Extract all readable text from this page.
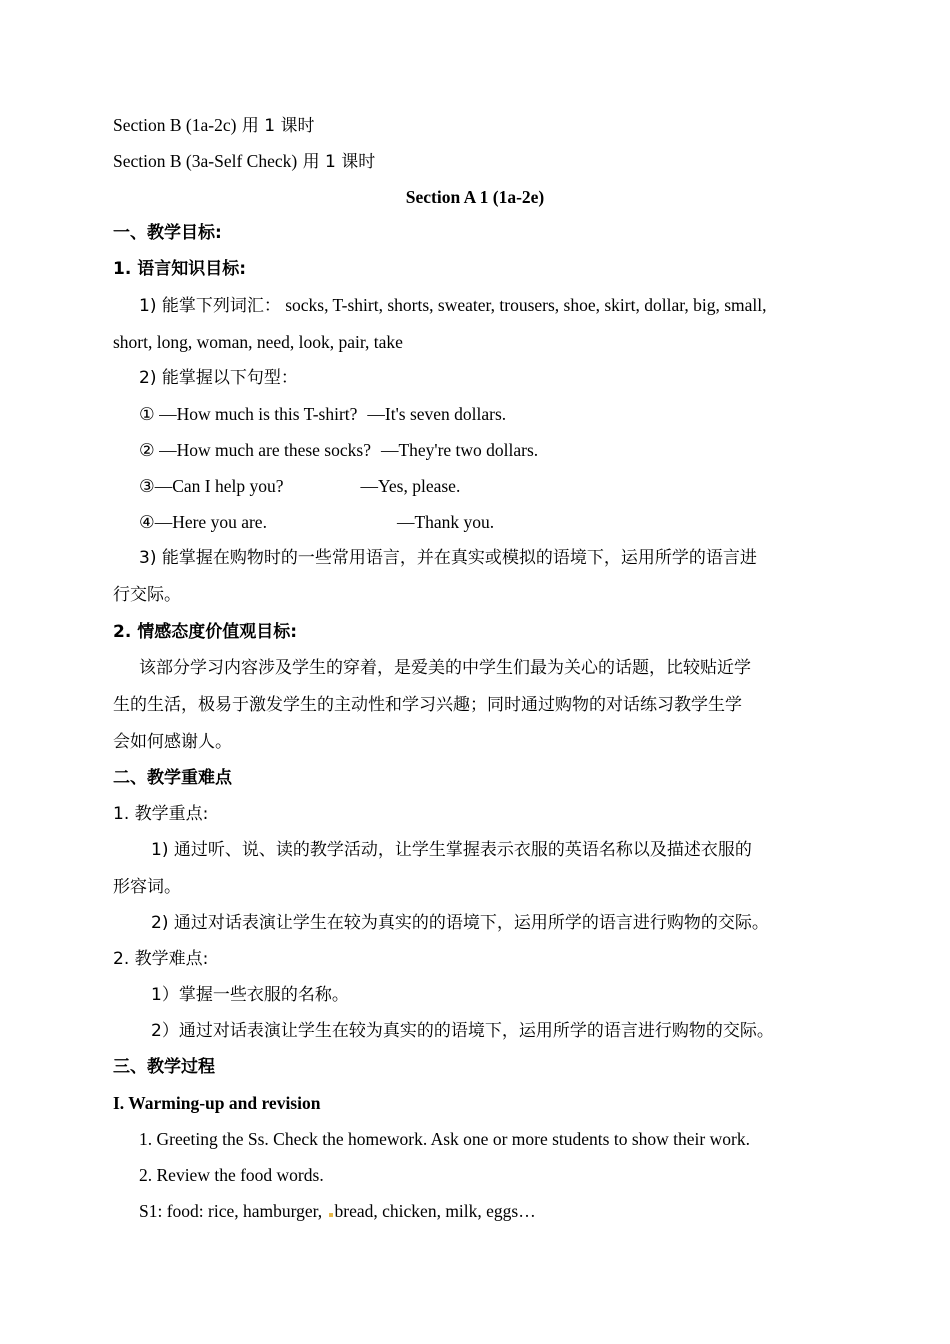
Section B (1a-2c) 用 1 课时
Section B (3a-Self Check) 用 1 课时
Section A 1 (1a-2e)
一、教学目标:
1. 语言知识目标:
1) 能掌下列词汇： socks, T-shirt, shorts, sweater, trousers, shoe, skirt, dollar, big, small,
short, long, woman, need, look, pair, take
2) 能掌握以下句型：
① —How much is this T-shirt? —It's seven dollars.
② —How much are these socks? —They're two dollars.
③—Can I help you?	—Yes, please.
④—Here you are.	—Thank you.
3) 能掌握在购物时的一些常用语言，并在真实或模拟的语境下，运用所学的语言进
行交际。
2. 情感态度价值观目标:
该部分学习内容涉及学生的穿着，是爱美的中学生们最为关心的话题，比较贴近学
生的生活，极易于激发学生的主动性和学习兴趣；同时通过购物的对话练习教学生学
会如何感谢人。
二、教学重难点
1. 教学重点:
1) 通过听、说、读的教学活动，让学生掌握表示衣服的英语名称以及描述衣服的
形容词。
2) 通过对话表演让学生在较为真实的的语境下，运用所学的语言进行购物的交际。
2. 教学难点:
1）掌握一些衣服的名称。
2）通过对话表演让学生在较为真实的的语境下，运用所学的语言进行购物的交际。
三、教学过程
I. Warming-up and revision
1. Greeting the Ss. Check the homework. Ask one or more students to show their work.
2. Review the food words.
S1: food: rice, hamburger, bread, chicken, milk, eggs…
